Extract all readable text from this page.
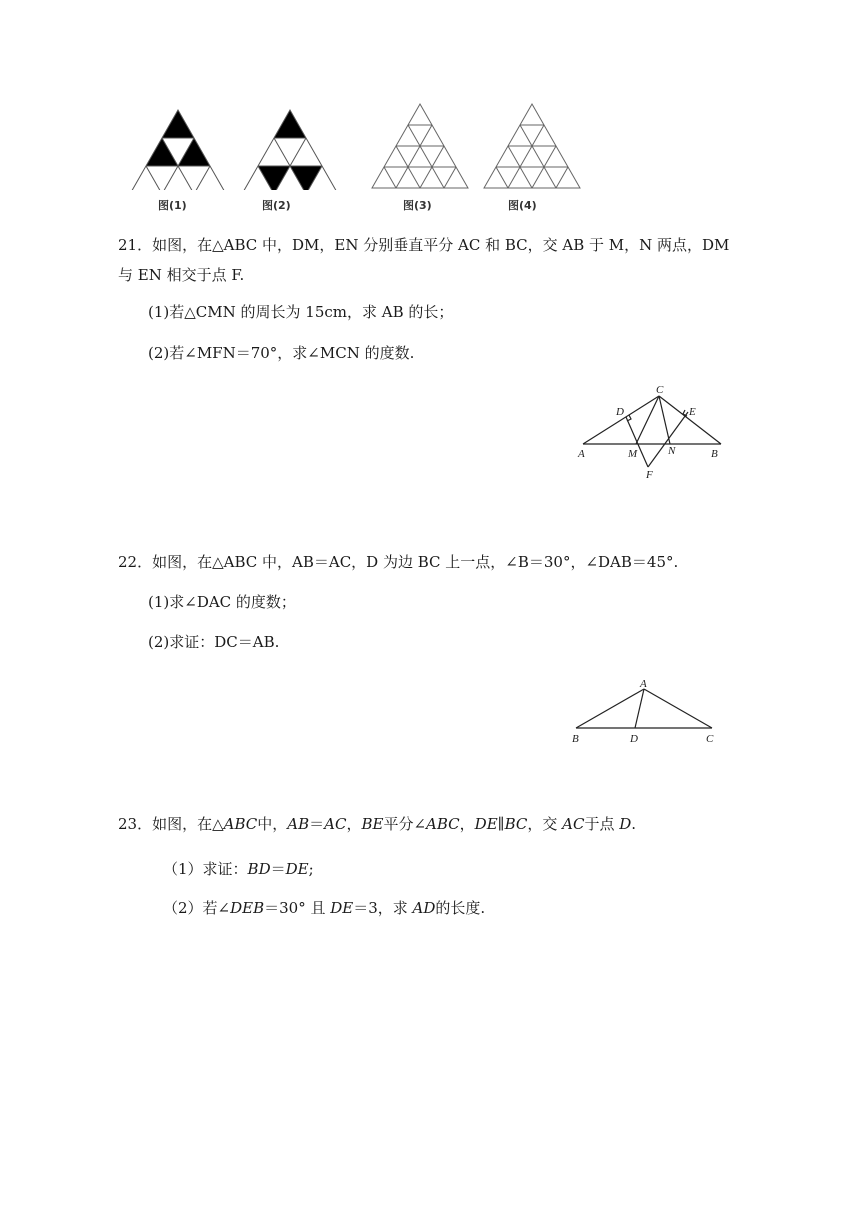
图(1)	图(2)	图(3)	图(4)
21．如图，在△ABC 中，DM，EN 分别垂直平分 AC 和 BC，交 AB 于 M，N 两点，DM
与 EN 相交于点 F.
(1)若△CMN 的周长为 15cm，求 AB 的长；
(2)若∠MFN＝70°，求∠MCN 的度数.
A	B
C
D	E
M	N
F
22．如图，在△ABC 中，AB＝AC，D 为边 BC 上一点，∠B＝30°，∠DAB＝45°.
(1)求∠DAC 的度数；
(2)求证：DC＝AB.
A
B	D	C
23．如图，在△ABC中，AB＝AC，BE平分∠ABC，DE∥BC，交 AC于点 D.
（1）求证：BD＝DE;
（2）若∠DEB＝30° 且 DE＝3，求 AD的长度.
